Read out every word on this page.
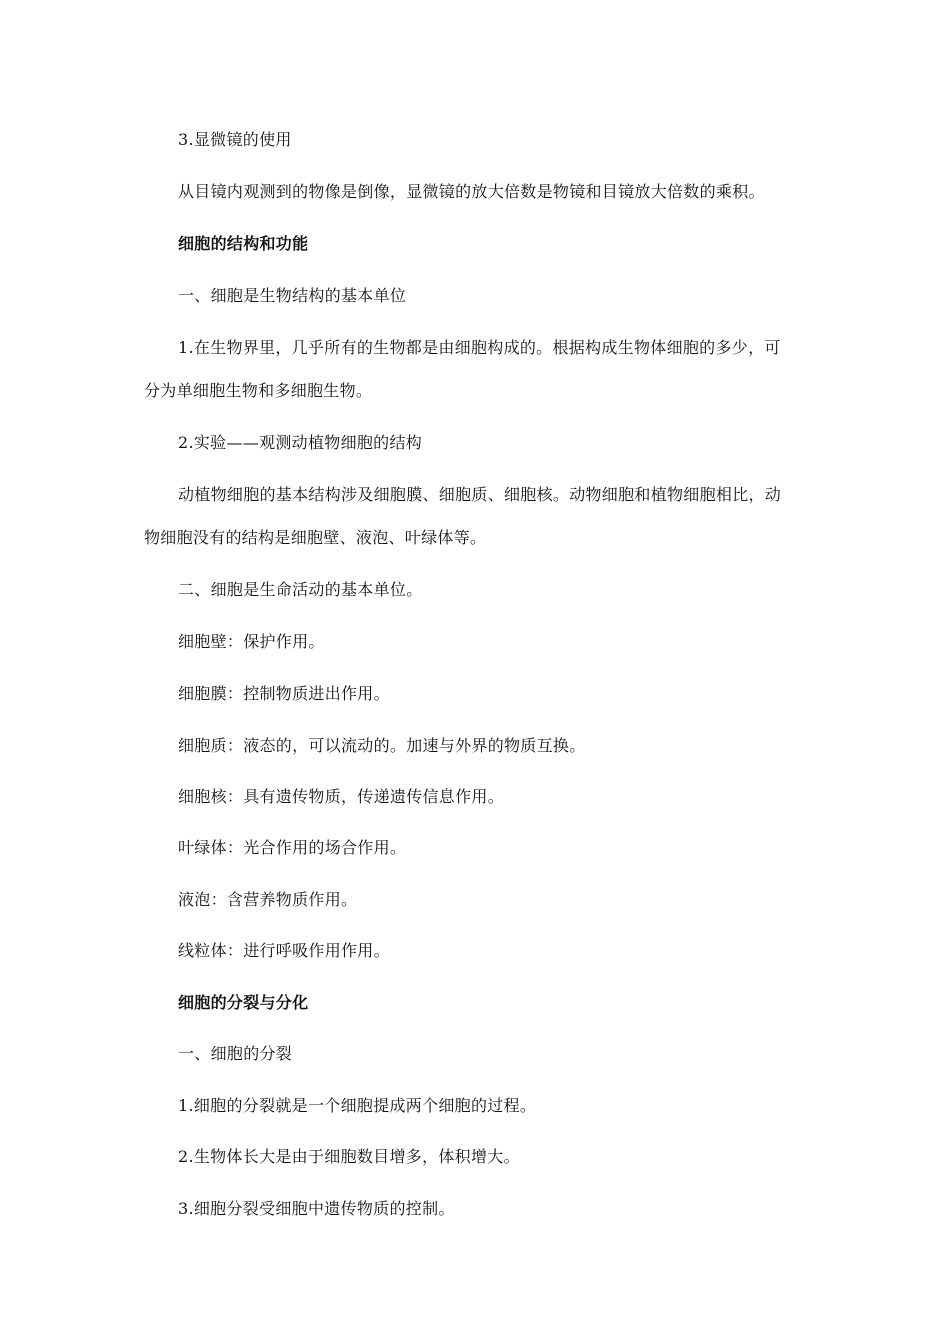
3.显微镜的使用
从目镜内观测到的物像是倒像，显微镜的放大倍数是物镜和目镜放大倍数的乘积。
细胞的结构和功能
一、细胞是生物结构的基本单位
1.在生物界里，几乎所有的生物都是由细胞构成的。根据构成生物体细胞的多少，可
分为单细胞生物和多细胞生物。
2.实验——观测动植物细胞的结构
动植物细胞的基本结构涉及细胞膜、细胞质、细胞核。动物细胞和植物细胞相比，动
物细胞没有的结构是细胞壁、液泡、叶绿体等。
二、细胞是生命活动的基本单位。
细胞壁：保护作用。
细胞膜：控制物质进出作用。
细胞质：液态的，可以流动的。加速与外界的物质互换。
细胞核：具有遗传物质，传递遗传信息作用。
叶绿体：光合作用的场合作用。
液泡：含营养物质作用。
线粒体：进行呼吸作用作用。
细胞的分裂与分化
一、细胞的分裂
1.细胞的分裂就是一个细胞提成两个细胞的过程。
2.生物体长大是由于细胞数目增多，体积增大。
3.细胞分裂受细胞中遗传物质的控制。
